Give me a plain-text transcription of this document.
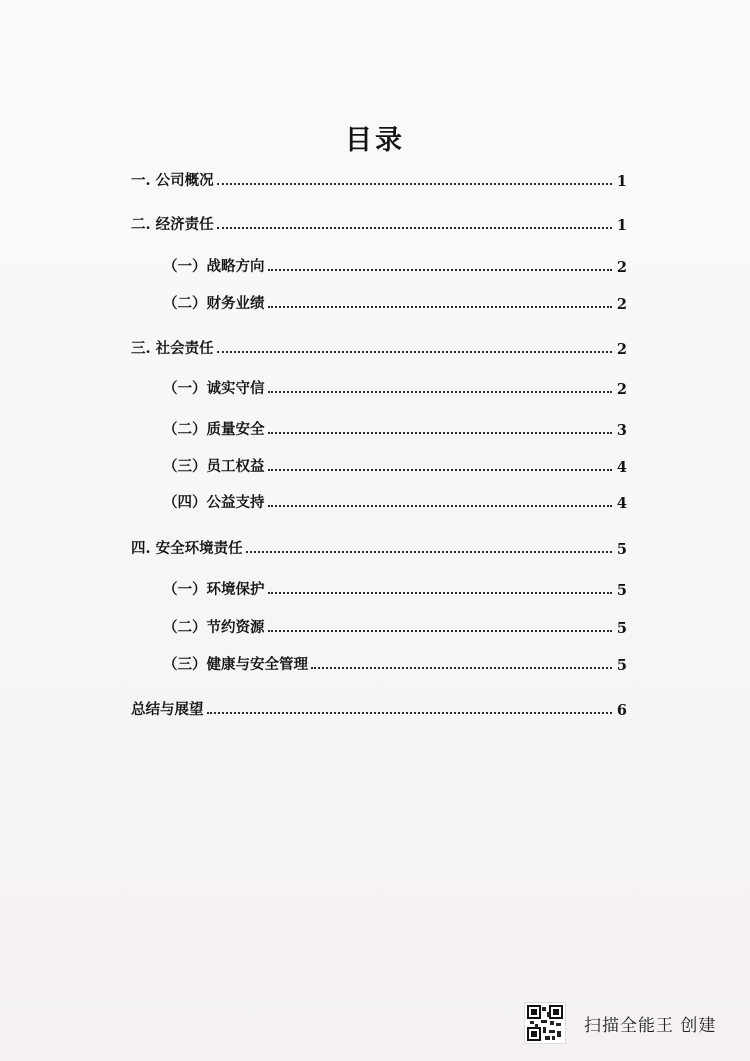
目录
一. 公司概况	1
二. 经济责任	1
（一）战略方向	2
（二）财务业绩	2
三. 社会责任	2
（一）诚实守信	2
（二）质量安全	3
（三）员工权益	4
（四）公益支持	4
四. 安全环境责任	5
（一）环境保护	5
（二）节约资源	5
（三）健康与安全管理	5
总结与展望	6
扫描全能王 创建
